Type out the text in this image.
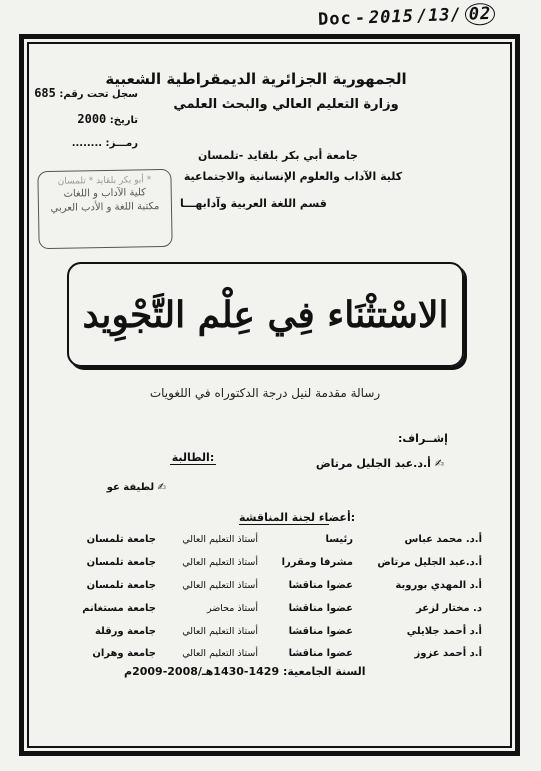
Doc - 2015 /13/ 02
الجمهورية الجزائرية الديمقراطية الشعبية
وزارة التعليم العالي والبحث العلمي
سجل تحت رقم: 685
تاريخ: 2000
رمـــز: ........
جامعة أبي بكر بلقايد -تلمسان
كلية الآداب والعلوم الإنسانية والاجتماعية
قسم اللغة العربية وآدابهـــا
* أبو بكر بلقايد * تلمسان
كلية الآداب و اللغات
مكتبة اللغة و الأدب العربي
الاسْتثْنَاء فِي عِلْم التَّجْوِيد
رسالة مقدمة لنيل درجة الدكتوراه في اللغويات
إشــراف:
✍ أ.د.عبد الجليل مرتاض
الطالبة:
✍ لطيفة عو
أعضاء لجنة المناقشة:
أ.د. محمد عباس
رئيسا
أستاذ التعليم العالي
جامعة تلمسان
أ.د.عبد الجليل مرتاض
مشرفا ومقررا
أستاذ التعليم العالي
جامعة تلمسان
أ.د المهدي بوروبة
عضوا مناقشا
أستاذ التعليم العالي
جامعة تلمسان
د. مختار لزعر
عضوا مناقشا
أستاذ محاضر
جامعة مستغانم
أ.د أحمد جلايلي
عضوا مناقشا
أستاذ التعليم العالي
جامعة ورقلة
أ.د أحمد عزوز
عضوا مناقشا
أستاذ التعليم العالي
جامعة وهران
السنة الجامعية: 1429-1430هـ/2008-2009م
